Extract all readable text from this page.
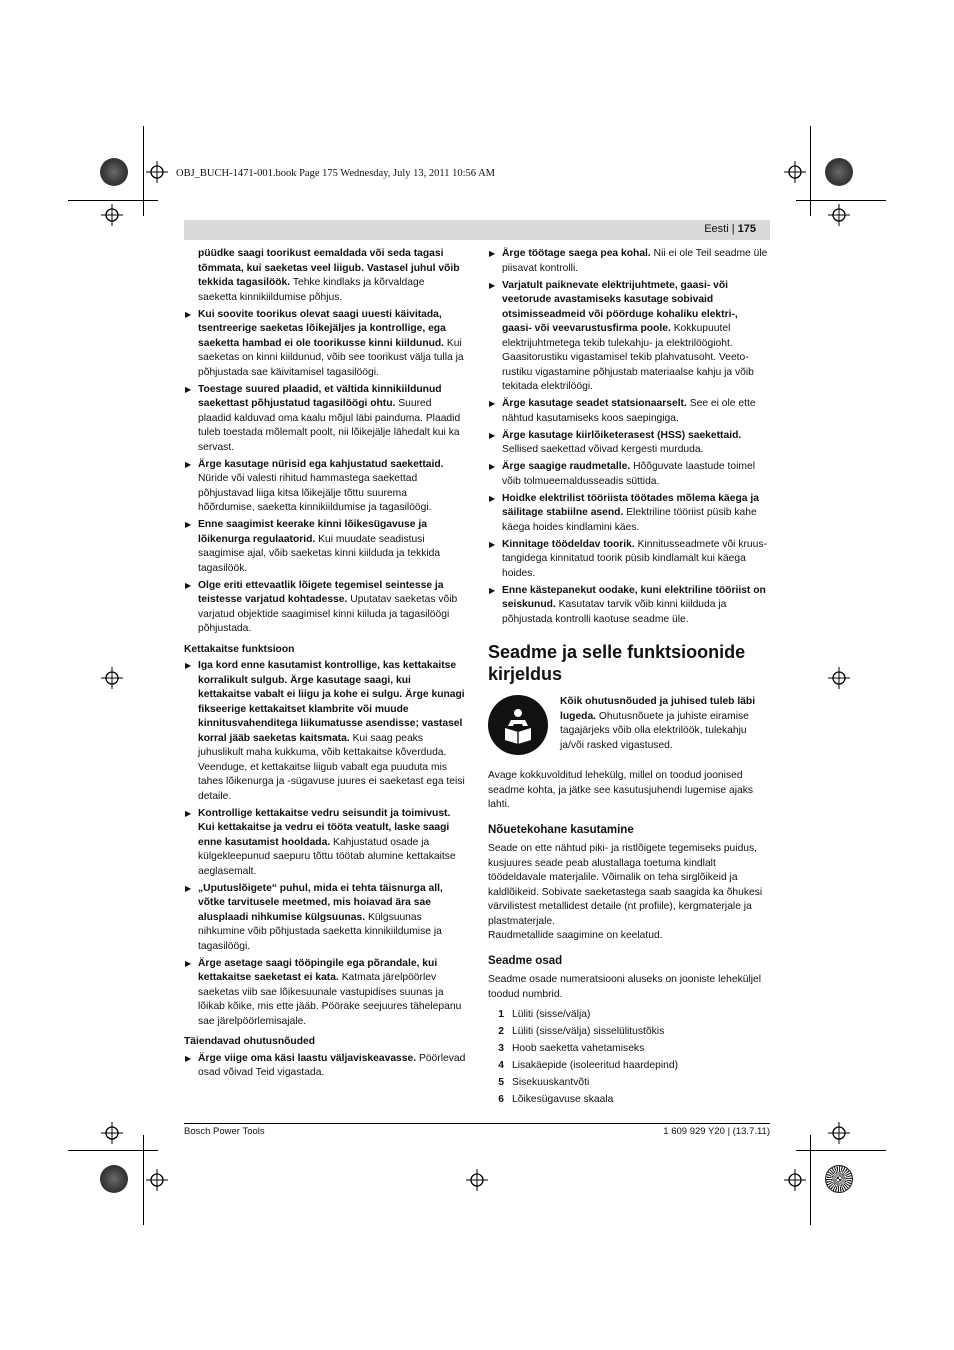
OBJ_BUCH-1471-001.book Page 175 Wednesday, July 13, 2011 10:56 AM
Eesti | 175
püüdke saagi toorikust eemaldada või seda tagasi tõmmata, kui saeketas veel liigub. Vastasel juhul võib tekkida tagasilöök. Tehke kindlaks ja kõrvaldage saeketta kinnikiildumise põhjus.
▶ Kui soovite toorikus olevat saagi uuesti käivitada, tsentreerige saeketas lõikejäljes ja kontrollige, ega saeketta hambad ei ole toorikusse kinni kiildunud. Kui saeketas on kinni kiildunud, võib see toorikust välja tulla ja põhjustada sae käivitamisel tagasilöögi.
▶ Toestage suured plaadid, et vältida kinnikiildunud saekettast põhjustatud tagasilöögi ohtu. Suured plaadid kalduvad oma kaalu mõjul läbi painduma. Plaadid tuleb toestada mõlemalt poolt, nii lõikejälje lähedalt kui ka servast.
▶ Ärge kasutage nürisid ega kahjustatud saekettaid. Nüride või valesti rihitud hammastega saekettad põhjustavad liiga kitsa lõikejälje tõttu suurema hõõrdumise, saeketta kinnikiildumise ja tagasilöögi.
▶ Enne saagimist keerake kinni lõikesügavuse ja lõikenurga regulaatorid. Kui muudate seadistusi saagimise ajal, võib saeketas kinni kiilduda ja tekkida tagasilöök.
▶ Olge eriti ettevaatlik lõigete tegemisel seintesse ja teistesse varjatud kohtadesse. Uputatav saeketas võib varjatud objektide saagimisel kinni kiiluda ja tagasilöögi põhjustada.
Kettakaitse funktsioon
▶ Iga kord enne kasutamist kontrollige, kas kettakaitse korralikult sulgub. Ärge kasutage saagi, kui kettakaitse vabalt ei liigu ja kohe ei sulgu. Ärge kunagi fikseerige kettakaitset klambrite või muude kinnitusvahenditega liikumatusse asendisse; vastasel korral jääb saeketas kaitsmata. Kui saag peaks juhuslikult maha kukkuma, võib kettakaitse kõverduda. Veenduge, et kettakaitse liigub vabalt ega puuduta mis tahes lõikenurga ja -sügavuse juures ei saeketast ega teisi detaile.
▶ Kontrollige kettakaitse vedru seisundit ja toimivust. Kui kettakaitse ja vedru ei tööta veatult, laske saagi enne kasutamist hooldada. Kahjustatud osade ja külgekleepunud saepuru tõttu töötab alumine kettakaitse aeglasemalt.
▶ „Uputuslõigete“ puhul, mida ei tehta täisnurga all, võtke tarvitusele meetmed, mis hoiavad ära sae alusplaadi nihkumise külgsuunas. Külgsuunas nihkumine võib põhjustada saeketta kinnikiildumise ja tagasilöögi.
▶ Ärge asetage saagi tööpingile ega põrandale, kui kettakaitse saeketast ei kata. Katmata järelpöörlev saeketas viib sae lõikesuunale vastupidises suunas ja lõikab kõike, mis ette jääb. Pöörake seejuures tähelepanu sae järelpöörlemisajale.
Täiendavad ohutusnõuded
▶ Ärge viige oma käsi laastu väljaviskeavasse. Pöörlevad osad võivad Teid vigastada.
▶ Ärge töötage saega pea kohal. Nii ei ole Teil seadme üle piisavat kontrolli.
▶ Varjatult paiknevate elektrijuhtmete, gaasi- või veetorude avastamiseks kasutage sobivaid otsimisseadmeid või pöörduge kohaliku elektri-, gaasi- või veevarustusfirma poole. Kokkupuutel elektrijuhtmetega tekib tulekahju- ja elektrilöögioht. Gaasitorustiku vigastamisel tekib plahvatusoht. Veeto-rustiku vigastamine põhjustab materiaalse kahju ja võib tekitada elektrilöögi.
▶ Ärge kasutage seadet statsionaarselt. See ei ole ette nähtud kasutamiseks koos saepingiga.
▶ Ärge kasutage kiirlõiketerasest (HSS) saekettaid. Sellised saekettad võivad kergesti murduda.
▶ Ärge saagige raudmetalle. Hõõguvate laastude toimel võib tolmueemaldusseadis süttida.
▶ Hoidke elektrilist tööriista töötades mõlema käega ja säilitage stabiilne asend. Elektriline tööriist püsib kahe käega hoides kindlamini käes.
▶ Kinnitage töödeldav toorik. Kinnitusseadmete või kruus-tangidega kinnitatud toorik püsib kindlamalt kui käega hoides.
▶ Enne kästepanekut oodake, kuni elektriline tööriist on seiskunud. Kasutatav tarvik võib kinni kiilduda ja põhjustada kontrolli kaotuse seadme üle.
Seadme ja selle funktsioonide kirjeldus
Kõik ohutusnõuded ja juhised tuleb läbi lugeda. Ohutusnõuete ja juhiste eiramise tagajärjeks võib olla elektrilöök, tulekahju ja/või rasked vigastused.

Avage kokkuvolditud lehekülg, millel on toodud joonised seadme kohta, ja jätke see kasutusjuhendi lugemise ajaks lahti.

Nõuetekohane kasutamine

Seade on ette nähtud piki- ja ristlõigete tegemiseks puidus, kusjuures seade peab alustallaga toetuma kindlalt töödeldavale materjalile. Võimalik on teha sirglõikeid ja kaldlõikeid. Sobivate saeketastega saab saagida ka õhukesi värvilistest metallidest detaile (nt profiile), kergmaterjale ja plastmaterjale.

Raudmetallide saagimine on keelatud.

Seadme osad

Seadme osade numeratsiooni aluseks on jooniste leheküljel toodud numbrid.

1 Lüliti (sisse/välja)
2 Lüliti (sisse/välja) sisselülitustõkis
3 Hoob saeketta vahetamiseks
4 Lisakäepide (isoleeritud haardepind)
5 Sisekuuskantvõti
6 Lõikesügavuse skaala
Bosch Power Tools	1 609 929 Y20 | (13.7.11)
